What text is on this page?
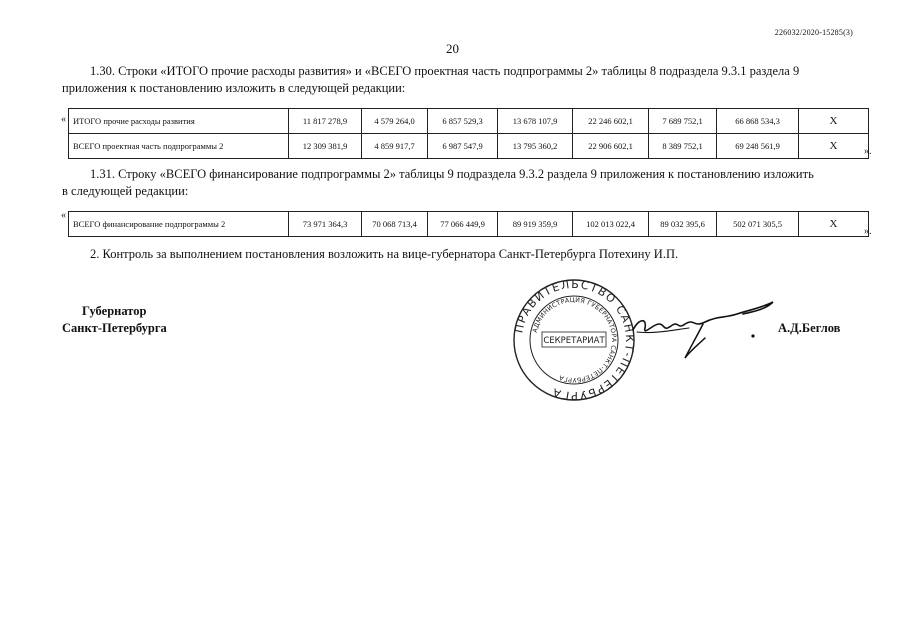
226032/2020-15285(3)
20
1.30. Строки «ИТОГО прочие расходы развития» и «ВСЕГО проектная часть подпрограммы 2» таблицы 8 подраздела 9.3.1 раздела 9
приложения к постановлению изложить в следующей редакции:
« ИТОГО прочие расходы развития	11 817 278,9	4 579 264,0	6 857 529,3	13 678 107,9	22 246 602,1	7 689 752,1	66 868 534,3	Х
ВСЕГО проектная часть подпрограммы 2	12 309 381,9	4 859 917,7	6 987 547,9	13 795 360,2	22 906 602,1	8 389 752,1	69 248 561,9	Х	».
1.31. Строку «ВСЕГО финансирование подпрограммы 2» таблицы 9 подраздела 9.3.2 раздела 9 приложения к постановлению изложить
в следующей редакции:
«
ВСЕГО финансирование подпрограммы 2	73 971 364,3	70 068 713,4	77 066 449,9	89 919 359,9	102 013 022,4	89 032 395,6	502 071 305,5	Х
».
2. Контроль за выполнением постановления возложить на вице-губернатора Санкт-Петербурга Потехину И.П.
Губернатор
Санкт-Петербурга	ПРАВИТЕЛЬСТВО САНКТ-ПЕТЕРБУРГА
АДМИНИСТРАЦИЯ ГУБЕРНАТОРА САНКТ-ПЕТЕРБУРГА
СЕКРЕТАРИАТ
А.Д.Беглов
